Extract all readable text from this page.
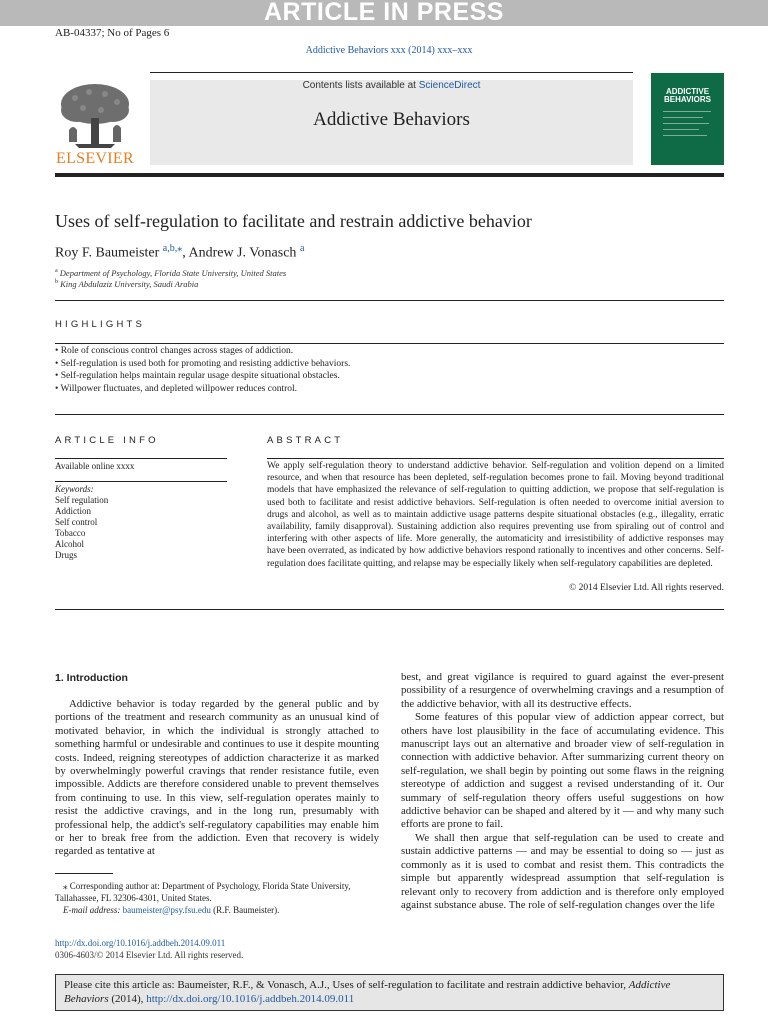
ARTICLE IN PRESS
AB-04337; No of Pages 6
Addictive Behaviors xxx (2014) xxx–xxx
ELSEVIER
Contents lists available at ScienceDirect
Addictive Behaviors
ADDICTIVE
BEHAVIORS
Uses of self-regulation to facilitate and restrain addictive behavior
Roy F. Baumeister $^{a,b,⁎}$, Andrew J. Vonasch $^a$
$^a$ Department of Psychology, Florida State University, United States
$^b$ King Abdulaziz University, Saudi Arabia
HIGHLIGHTS
• Role of conscious control changes across stages of addiction.
• Self-regulation is used both for promoting and resisting addictive behaviors.
• Self-regulation helps maintain regular usage despite situational obstacles.
• Willpower fluctuates, and depleted willpower reduces control.
ARTICLE INFO
Available online xxxx
Keywords:
Self regulation
Addiction
Self control
Tobacco
Alcohol
Drugs
ABSTRACT
We apply self-regulation theory to understand addictive behavior. Self-regulation and volition depend on a limited resource, and when that resource has been depleted, self-regulation becomes prone to fail. Moving beyond traditional models that have emphasized the relevance of self-regulation to quitting addiction, we propose that self-regulation is used both to facilitate and resist addictive behaviors. Self-regulation is often needed to overcome initial aversion to drugs and alcohol, as well as to maintain addictive usage patterns despite situational obstacles (e.g., illegality, erratic availability, family disapproval). Sustaining addiction also requires preventing use from spiraling out of control and interfering with other aspects of life. More generally, the automaticity and irresistibility of addictive responses may have been overrated, as indicated by how addictive behaviors respond rationally to incentives and other concerns. Self-regulation does facilitate quitting, and relapse may be especially likely when self-regulatory capabilities are depleted.
© 2014 Elsevier Ltd. All rights reserved.
1. Introduction

Addictive behavior is today regarded by the general public and by portions of the treatment and research community as an unusual kind of motivated behavior, in which the individual is strongly attached to something harmful or undesirable and continues to use it despite mounting costs. Indeed, reigning stereotypes of addiction characterize it as marked by overwhelmingly powerful cravings that render resistance futile, even impossible. Addicts are therefore considered unable to prevent themselves from continuing to use. In this view, self-regulation operates mainly to resist the addictive cravings, and in the long run, presumably with professional help, the addict's self-regulatory capabilities may enable him or her to break free from the addiction. Even that recovery is widely regarded as tentative at

best, and great vigilance is required to guard against the ever-present possibility of a resurgence of overwhelming cravings and a resumption of the addictive behavior, with all its destructive effects.

Some features of this popular view of addiction appear correct, but others have lost plausibility in the face of accumulating evidence. This manuscript lays out an alternative and broader view of self-regulation in connection with addictive behavior. After summarizing current theory on self-regulation, we shall begin by pointing out some flaws in the reigning stereotype of addiction and suggest a revised understanding of it. Our summary of self-regulation theory offers useful suggestions on how addictive behavior can be shaped and altered by it — and why many such efforts are prone to fail.

We shall then argue that self-regulation can be used to create and sustain addictive patterns — and may be essential to doing so — just as commonly as it is used to combat and resist them. This contradicts the simple but apparently widespread assumption that self-regulation is relevant only to recovery from addiction and is therefore only employed against substance abuse. The role of self-regulation changes over the life

⁎ Corresponding author at: Department of Psychology, Florida State University, Tallahassee, FL 32306-4301, United States.
E-mail address: baumeister@psy.fsu.edu (R.F. Baumeister).
http://dx.doi.org/10.1016/j.addbeh.2014.09.011
0306-4603/© 2014 Elsevier Ltd. All rights reserved.
Please cite this article as: Baumeister, R.F., & Vonasch, A.J., Uses of self-regulation to facilitate and restrain addictive behavior, Addictive Behaviors (2014), http://dx.doi.org/10.1016/j.addbeh.2014.09.011
